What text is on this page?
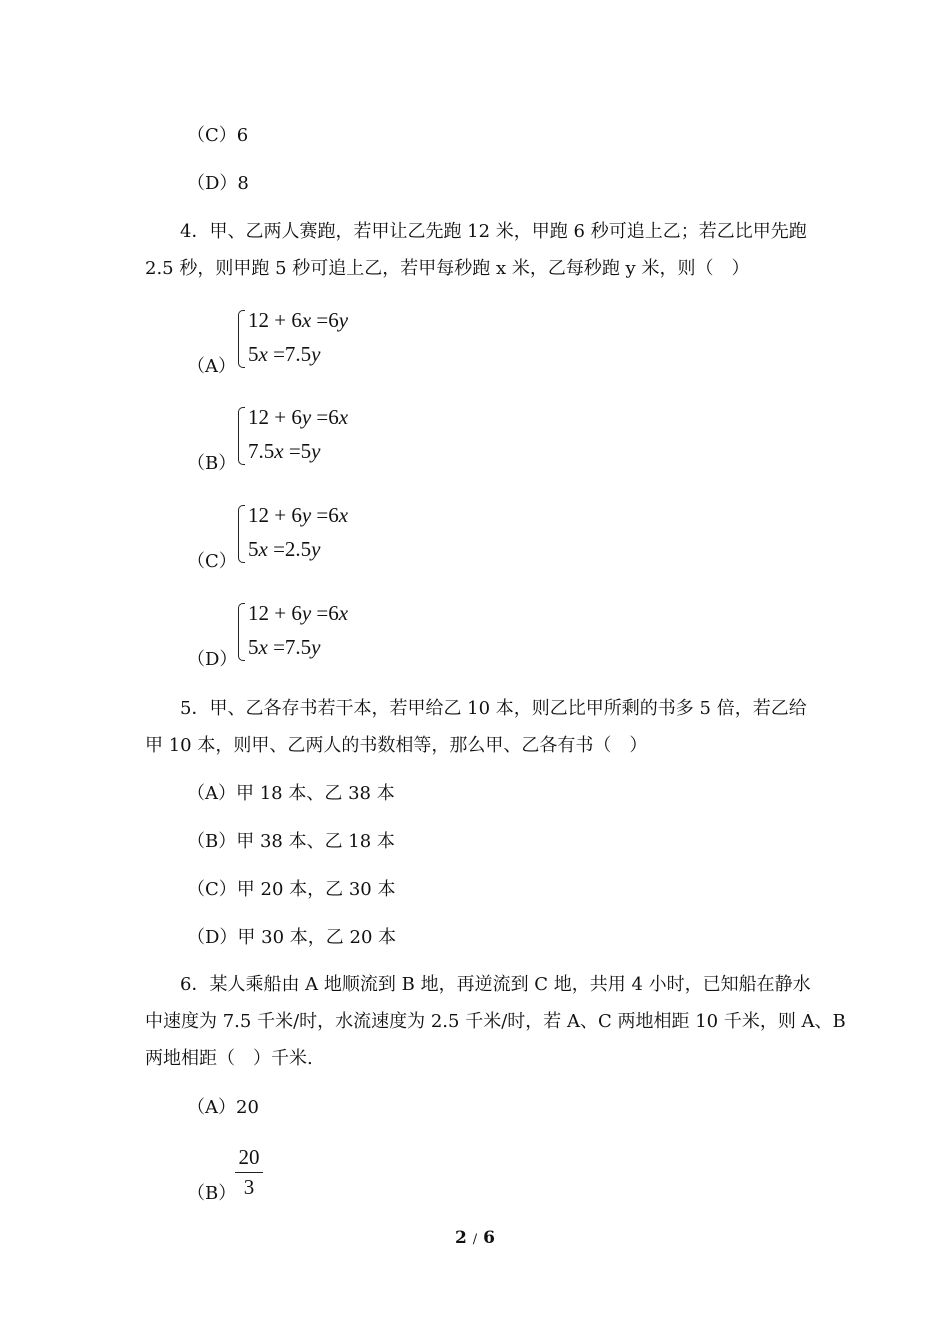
（C）6
（D）8
4．甲、乙两人赛跑，若甲让乙先跑 12 米，甲跑 6 秒可追上乙；若乙比甲先跑
2.5 秒，则甲跑 5 秒可追上乙，若甲每秒跑 x 米，乙每秒跑 y 米，则（　）
（A）
12 + 6x =6y
5x =7.5y
（B）
12 + 6y =6x
7.5x =5y
（C）
12 + 6y =6x
5x =2.5y
（D）
12 + 6y =6x
5x =7.5y
5．甲、乙各存书若干本，若甲给乙 10 本，则乙比甲所剩的书多 5 倍，若乙给
甲 10 本，则甲、乙两人的书数相等，那么甲、乙各有书（　）
（A）甲 18 本、乙 38 本
（B）甲 38 本、乙 18 本
（C）甲 20 本，乙 30 本
（D）甲 30 本，乙 20 本
6．某人乘船由 A 地顺流到 B 地，再逆流到 C 地，共用 4 小时，已知船在静水
中速度为 7.5 千米/时，水流速度为 2.5 千米/时，若 A、C 两地相距 10 千米，则 A、B
两地相距（　）千米.
（A）20
（B）
20
3
2 / 6
